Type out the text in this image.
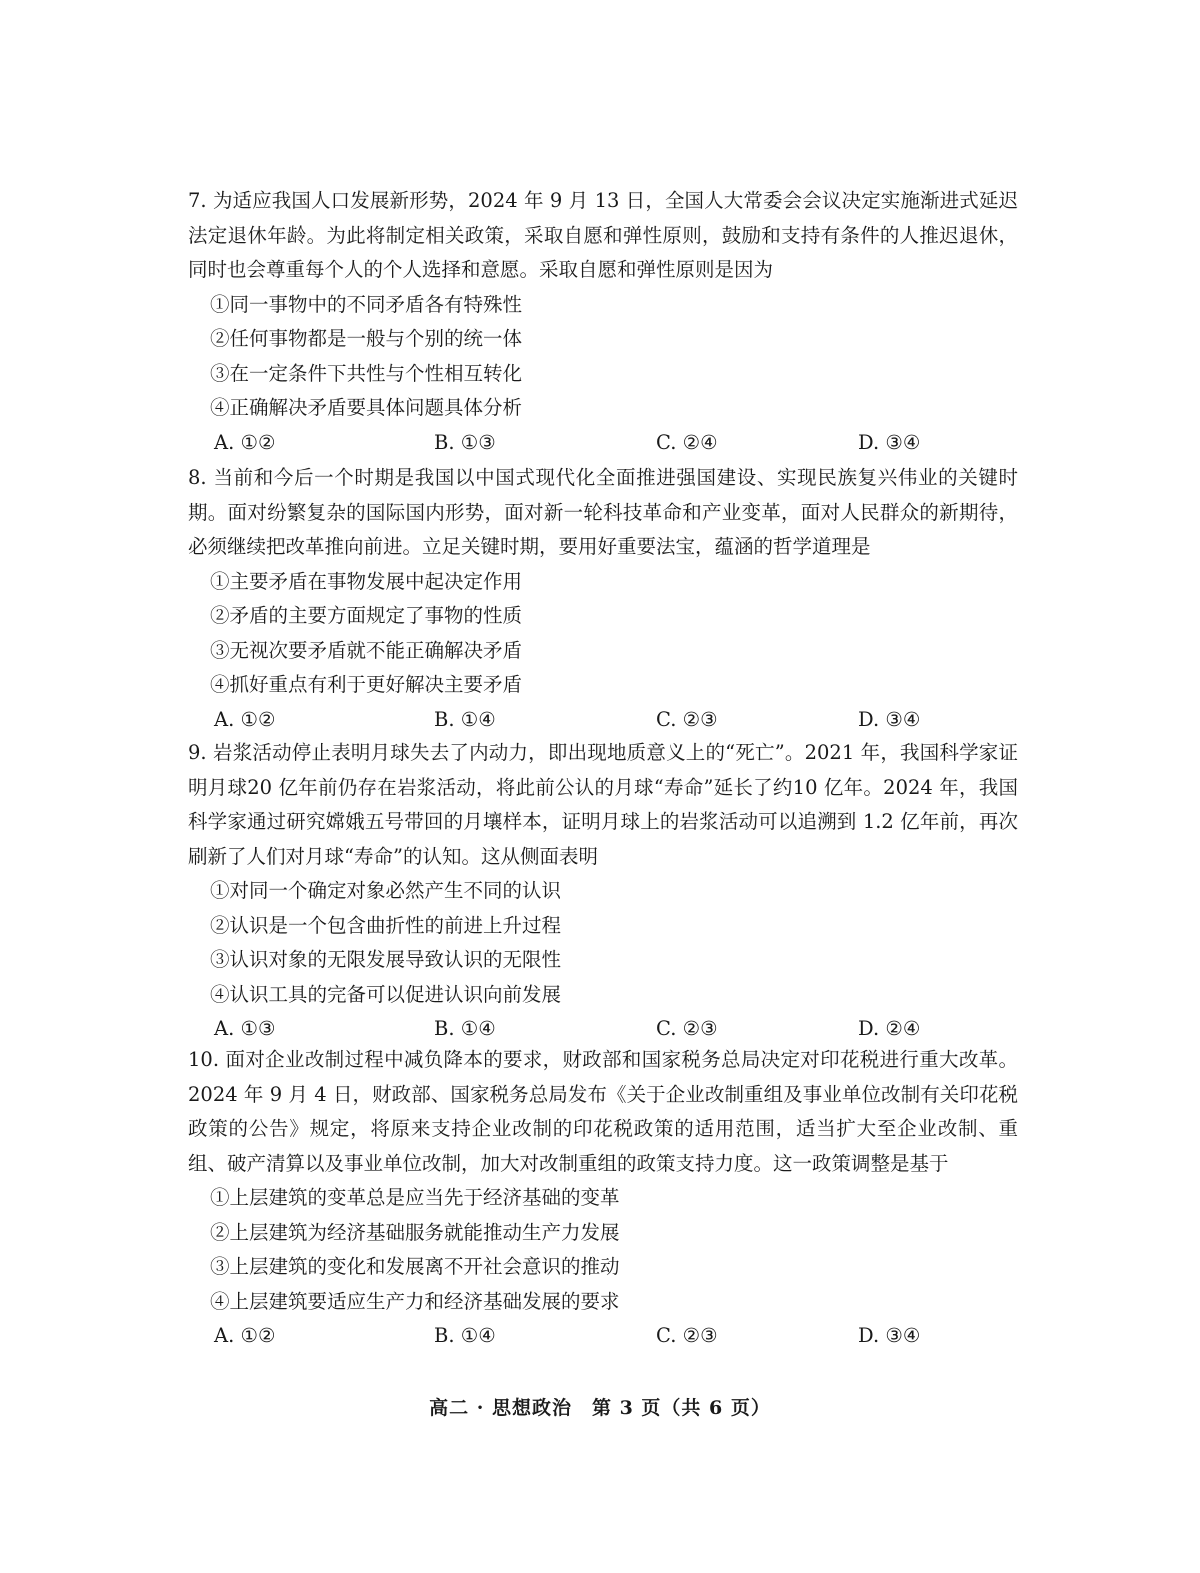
7. 为适应我国人口发展新形势，2024 年 9 月 13 日，全国人大常委会会议决定实施渐进式延迟法定退休年龄。为此将制定相关政策，采取自愿和弹性原则，鼓励和支持有条件的人推迟退休，同时也会尊重每个人的个人选择和意愿。采取自愿和弹性原则是因为

①同一事物中的不同矛盾各有特殊性

②任何事物都是一般与个别的统一体

③在一定条件下共性与个性相互转化

④正确解决矛盾要具体问题具体分析

A. ①②	B. ①③	C. ②④	D. ③④

8. 当前和今后一个时期是我国以中国式现代化全面推进强国建设、实现民族复兴伟业的关键时期。面对纷繁复杂的国际国内形势，面对新一轮科技革命和产业变革，面对人民群众的新期待，必须继续把改革推向前进。立足关键时期，要用好重要法宝，蕴涵的哲学道理是

①主要矛盾在事物发展中起决定作用

②矛盾的主要方面规定了事物的性质

③无视次要矛盾就不能正确解决矛盾

④抓好重点有利于更好解决主要矛盾

A. ①②	B. ①④	C. ②③	D. ③④

9. 岩浆活动停止表明月球失去了内动力，即出现地质意义上的“死亡”。2021 年，我国科学家证明月球20 亿年前仍存在岩浆活动，将此前公认的月球“寿命”延长了约10 亿年。2024 年，我国科学家通过研究嫦娥五号带回的月壤样本，证明月球上的岩浆活动可以追溯到 1.2 亿年前，再次刷新了人们对月球“寿命”的认知。这从侧面表明

①对同一个确定对象必然产生不同的认识

②认识是一个包含曲折性的前进上升过程

③认识对象的无限发展导致认识的无限性

④认识工具的完备可以促进认识向前发展

A. ①③	B. ①④	C. ②③	D. ②④

10. 面对企业改制过程中减负降本的要求，财政部和国家税务总局决定对印花税进行重大改革。2024 年 9 月 4 日，财政部、国家税务总局发布《关于企业改制重组及事业单位改制有关印花税政策的公告》规定，将原来支持企业改制的印花税政策的适用范围，适当扩大至企业改制、重组、破产清算以及事业单位改制，加大对改制重组的政策支持力度。这一政策调整是基于

①上层建筑的变革总是应当先于经济基础的变革

②上层建筑为经济基础服务就能推动生产力发展

③上层建筑的变化和发展离不开社会意识的推动

④上层建筑要适应生产力和经济基础发展的要求

A. ①②	B. ①④	C. ②③	D. ③④
高二 · 思想政治　第 3 页（共 6 页）
